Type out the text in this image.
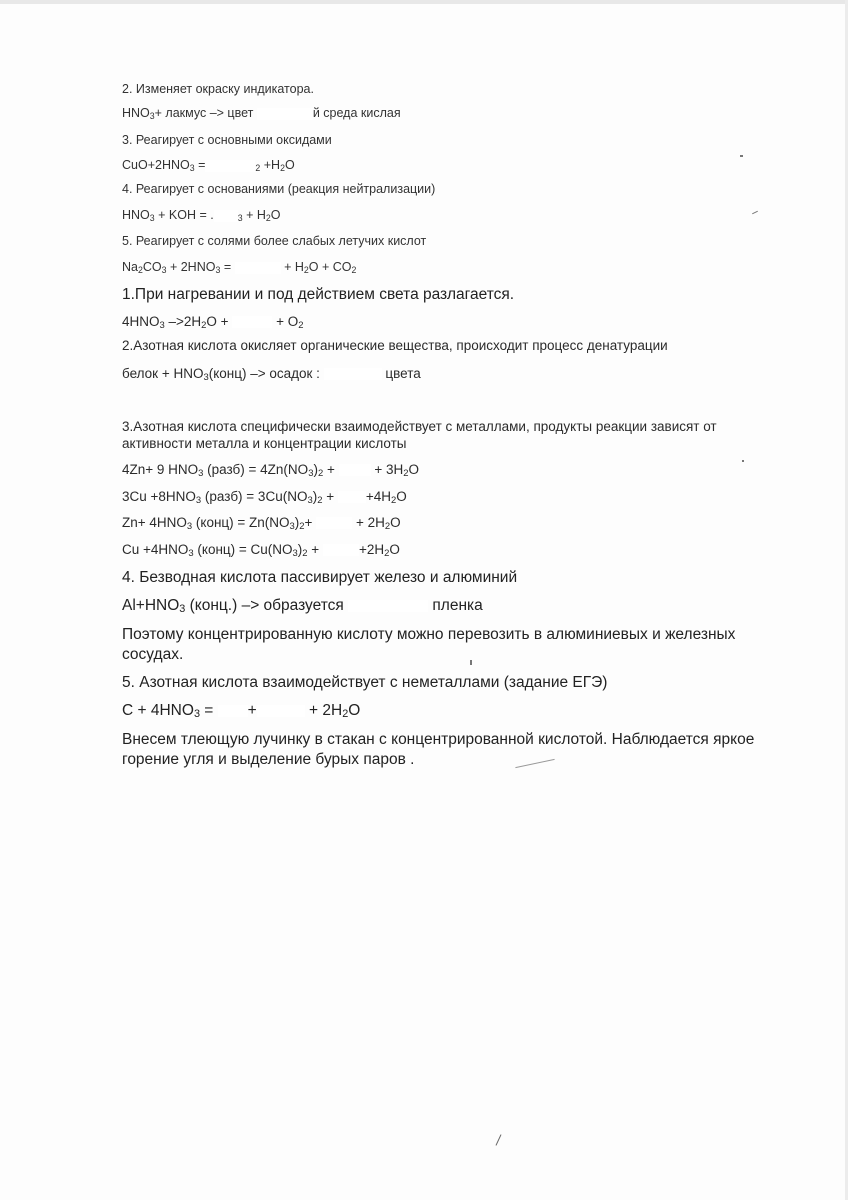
2. Изменяет окраску индикатора.
$HNO_3+$ лакмус –> цвет	й среда кислая
3. Реагирует с основными оксидами
$CuO+2HNO_3$ =	$_2 +H_2O$
4. Реагирует с основаниями (реакция нейтрализации)
$HNO_3$ + KOH = .	$_3 + H_2O$
5. Реагирует с солями более слабых летучих кислот
$Na_2CO_3 + 2HNO_3$ =	+ $H_2O + CO_2$
1.При нагревании и под действием света разлагается.
$4HNO_3$ $->2H_2O$ +	+ $O_2$
2.Азотная кислота окисляет органические вещества, происходит процесс денатурации
белок + $HNO_3(конц)$ –> осадок :	цвета
3.Азотная кислота специфически взаимодействует с металлами, продукты реакции зависят от активности металла и концентрации кислоты
4Zn+ 9 $HNO_3$ (разб) = $4Zn(NO_3)_2$ +  + $3H_2O$
$3Cu +8HNO_3$ (разб) = $3Cu(NO_3)_2 + +4H_2O$
$Zn+ 4HNO_3$ (конц) = $Zn(NO_3)_2+$	+ $2H_2O$
$Cu +4HNO_3$ (конц) = $Cu(NO_3)_2$ +	$+2H_2O$
4. Безводная кислота пассивирует железо и алюминий
$Al+HNO_3$ (конц.) –> образуется	пленка
Поэтому концентрированную кислоту можно перевозить в алюминиевых и железных сосудах.
5. Азотная кислота взаимодействует с неметаллами (задание ЕГЭ)
$C + 4HNO_3$ = +	+ $2H_2O$
Внесем тлеющую лучинку в стакан с концентрированной кислотой. Наблюдается яркое горение угля и выделение бурых паров .
